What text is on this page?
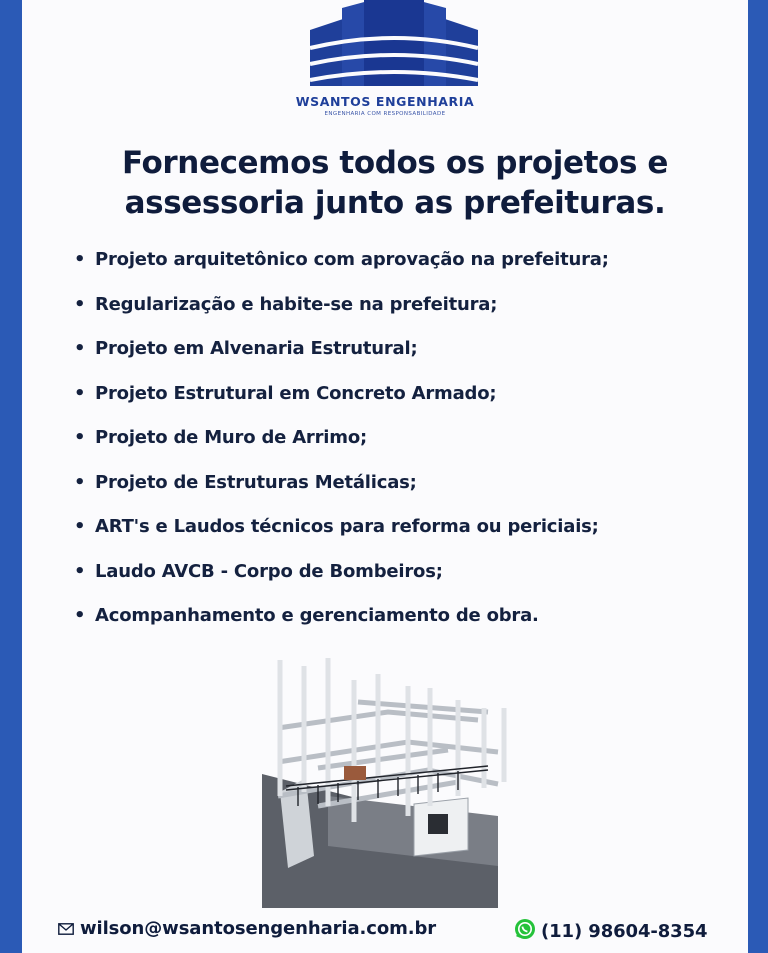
WSANTOS ENGENHARIA
ENGENHARIA COM RESPONSABILIDADE
Fornecemos todos os projetos e
assessoria junto as prefeituras.
• Projeto arquitetônico com aprovação na prefeitura;
• Regularização e habite-se na prefeitura;
• Projeto em Alvenaria Estrutural;
• Projeto Estrutural em Concreto Armado;
• Projeto de Muro de Arrimo;
• Projeto de Estruturas Metálicas;
• ART's e Laudos técnicos para reforma ou periciais;
• Laudo AVCB - Corpo de Bombeiros;
• Acompanhamento e gerenciamento de obra.
wilson@wsantosengenharia.com.br	(11) 98604-8354
